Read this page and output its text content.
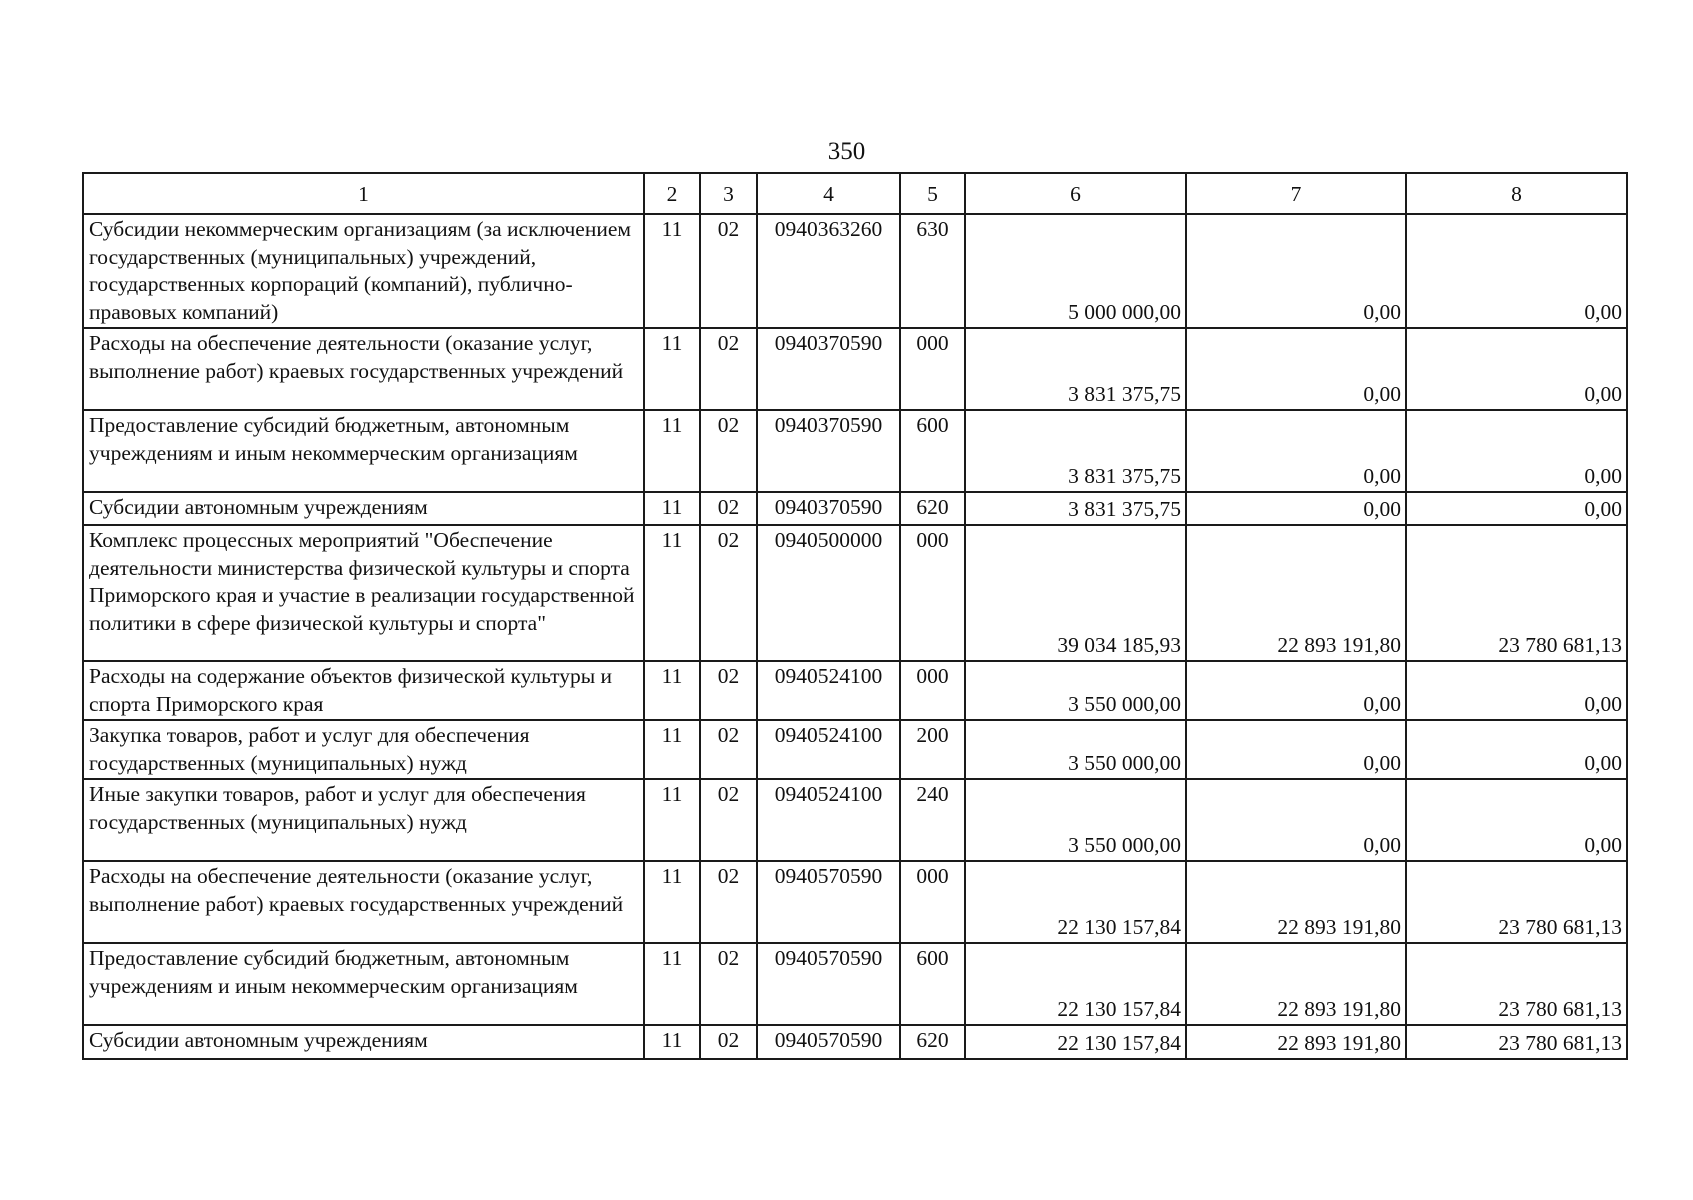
350
1	2	3	4	5	6	7	8
Субсидии некоммерческим организациям (за исключением государственных (муниципальных) учреждений, государственных корпораций (компаний), публично-правовых компаний)	11	02	0940363260	630	5 000 000,00	0,00	0,00
Расходы на обеспечение деятельности (оказание услуг, выполнение работ) краевых государственных учреждений	11	02	0940370590	000	3 831 375,75	0,00	0,00
Предоставление субсидий бюджетным, автономным учреждениям и иным некоммерческим организациям	11	02	0940370590	600	3 831 375,75	0,00	0,00
Субсидии автономным учреждениям	11	02	0940370590	620	3 831 375,75	0,00	0,00
Комплекс процессных мероприятий "Обеспечение деятельности министерства физической культуры и спорта Приморского края и участие в реализации государственной политики в сфере физической культуры и спорта"	11	02	0940500000	000	39 034 185,93	22 893 191,80	23 780 681,13
Расходы на содержание объектов физической культуры и спорта Приморского края	11	02	0940524100	000	3 550 000,00	0,00	0,00
Закупка товаров, работ и услуг для обеспечения государственных (муниципальных) нужд	11	02	0940524100	200	3 550 000,00	0,00	0,00
Иные закупки товаров, работ и услуг для обеспечения государственных (муниципальных) нужд	11	02	0940524100	240	3 550 000,00	0,00	0,00
Расходы на обеспечение деятельности (оказание услуг, выполнение работ) краевых государственных учреждений	11	02	0940570590	000	22 130 157,84	22 893 191,80	23 780 681,13
Предоставление субсидий бюджетным, автономным учреждениям и иным некоммерческим организациям	11	02	0940570590	600	22 130 157,84	22 893 191,80	23 780 681,13
Субсидии автономным учреждениям	11	02	0940570590	620	22 130 157,84	22 893 191,80	23 780 681,13
